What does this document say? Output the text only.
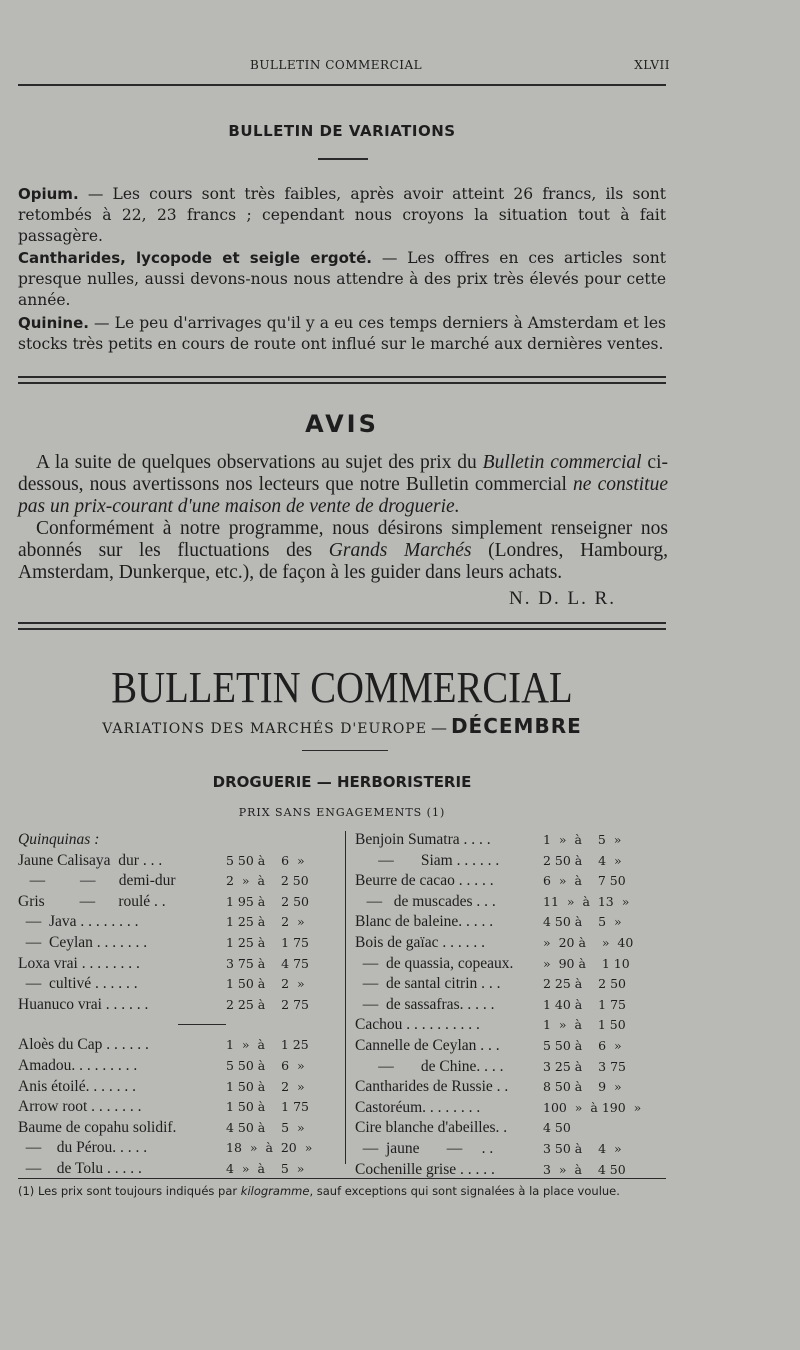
BULLETIN COMMERCIAL	XLVII
BULLETIN DE VARIATIONS
Opium. — Les cours sont très faibles, après avoir atteint 26 francs, ils sont retombés à 22, 23 francs ; cependant nous croyons la situation tout à fait passagère.
Cantharides, lycopode et seigle ergoté. — Les offres en ces articles sont presque nulles, aussi devons-nous nous attendre à des prix très élevés pour cette année.
Quinine. — Le peu d'arrivages qu'il y a eu ces temps derniers à Amsterdam et les stocks très petits en cours de route ont influé sur le marché aux dernières ventes.
AVIS
A la suite de quelques observations au sujet des prix du Bulletin commercial ci-dessous, nous avertissons nos lecteurs que notre Bulletin commercial ne constitue pas un prix-courant d'une maison de vente de droguerie.
Conformément à notre programme, nous désirons simplement renseigner nos abonnés sur les fluctuations des Grands Marchés (Londres, Hambourg, Amsterdam, Dunkerque, etc.), de façon à les guider dans leurs achats.
N. D. L. R.
BULLETIN COMMERCIAL
VARIATIONS DES MARCHÉS D'EUROPE — DÉCEMBRE
DROGUERIE — HERBORISTERIE
PRIX SANS ENGAGEMENTS (1)
Quinquinas :
Jaune Calisaya  dur . . .	5 50 à    6  »
—         —      demi-dur	2  »  à    2 50
Gris         —      roulé . .	1 95 à    2 50
—  Java . . . . . . . .	1 25 à    2  »
—  Ceylan . . . . . . .	1 25 à    1 75
Loxa vrai . . . . . . . .	3 75 à    4 75
—  cultivé . . . . . .	1 50 à    2  »
Huanuco vrai . . . . . .	2 25 à    2 75
Aloès du Cap . . . . . .	1  »  à    1 25
Amadou. . . . . . . . .	5 50 à    6  »
Anis étoilé. . . . . . .	1 50 à    2  »
Arrow root . . . . . . .	1 50 à    1 75
Baume de copahu solidif.	4 50 à    5  »
—    du Pérou. . . . .	18  »  à  20  »
—    de Tolu . . . . .	4  »  à    5  »
Benjoin Sumatra . . . .	1  »  à    5  »
—       Siam . . . . . .	2 50 à    4  »
Beurre de cacao . . . . .	6  »  à    7 50
—   de muscades . . .	11  »  à  13  »
Blanc de baleine. . . . .	4 50 à    5  »
Bois de gaïac . . . . . .	»  20 à    »  40
—  de quassia, copeaux. »  90 à    1 10
—  de santal citrin . . .	2 25 à    2 50
—  de sassafras. . . . .	1 40 à    1 75
Cachou . . . . . . . . . .	1  »  à    1 50
Cannelle de Ceylan . . .	5 50 à    6  »
—       de Chine. . . .	3 25 à    3 75
Cantharides de Russie . .	8 50 à    9  »
Castoréum. . . . . . . .	100  »  à 190  »
Cire blanche d'abeilles. .	4 50
—  jaune       —     . .	3 50 à    4  »
Cochenille grise . . . . .	3  »  à    4 50
(1) Les prix sont toujours indiqués par kilogramme, sauf exceptions qui sont signalées à la place voulue.
